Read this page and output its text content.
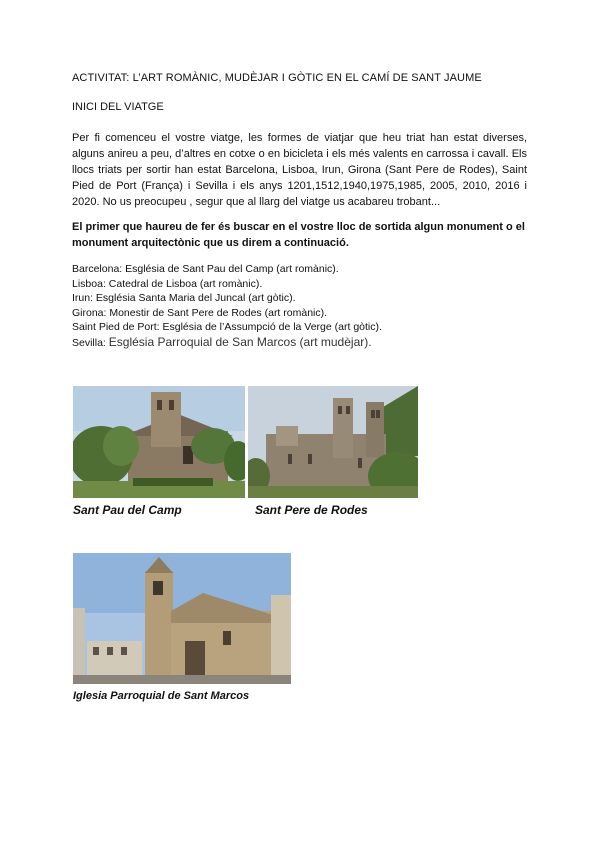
ACTIVITAT: L’ART ROMÀNIC, MUDÈJAR I GÒTIC EN EL CAMÍ DE SANT JAUME
INICI DEL VIATGE
Per fi comenceu el vostre viatge, les formes de viatjar que heu triat han estat diverses, alguns anireu a peu, d’altres en cotxe o en bicicleta i els més valents en carrossa i cavall. Els llocs triats per sortir han estat Barcelona, Lisboa, Irun, Girona (Sant Pere de Rodes), Saint Pied de Port (França) i Sevilla i els anys 1201,1512,1940,1975,1985, 2005, 2010, 2016 i 2020. No us preocupeu , segur que al llarg del viatge us acabareu trobant...
El primer que haureu de fer és buscar en el vostre lloc de sortida algun monument o el monument arquitectònic que us direm a continuació.
Barcelona: Església de Sant Pau del Camp (art romànic).
Lisboa: Catedral de Lisboa (art romànic).
Irun: Església Santa Maria del Juncal (art gòtic).
Girona: Monestir de Sant Pere de Rodes (art romànic).
Saint Pied de Port: Església de l’Assumpció de la Verge (art gòtic).
Sevilla: Església Parroquial de San Marcos (art mudèjar).
Sant Pau del Camp	Sant Pere de Rodes
Iglesia Parroquial de Sant Marcos
